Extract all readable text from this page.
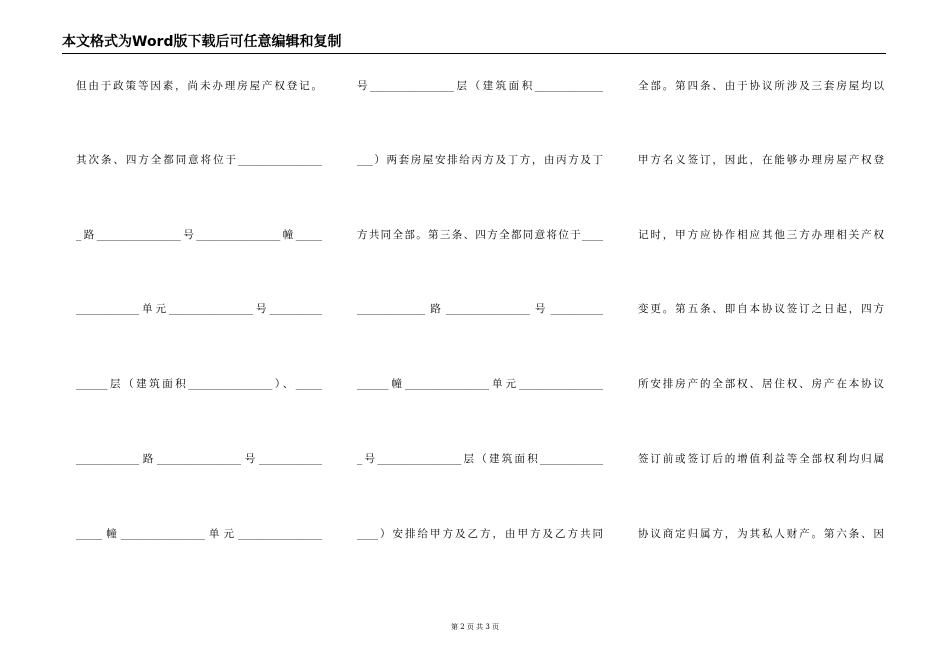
本文格式为Word版下载后可任意编辑和复制
但由于政策等因素，尚未办理房屋产权登记。
其次条、四方全都同意将位于________________
_路________________号________________幢_____
____________单元________________号__________
______层（建筑面积________________）、_____
____________路________________号____________
_____幢________________单元________________
号________________层（建筑面积_____________
___）两套房屋安排给丙方及丁方，由丙方及丁
方共同全部。第三条、四方全都同意将位于____
_____________路________________号__________
______幢________________单元________________
_号________________层（建筑面积____________
____）安排给甲方及乙方，由甲方及乙方共同
全部。第四条、由于协议所涉及三套房屋均以
甲方名义签订，因此，在能够办理房屋产权登
记时，甲方应协作相应其他三方办理相关产权
变更。第五条、即自本协议签订之日起，四方
所安排房产的全部权、居住权、房产在本协议
签订前或签订后的增值利益等全部权利均归属
协议商定归属方，为其私人财产。第六条、因
第 2 页 共 3 页
